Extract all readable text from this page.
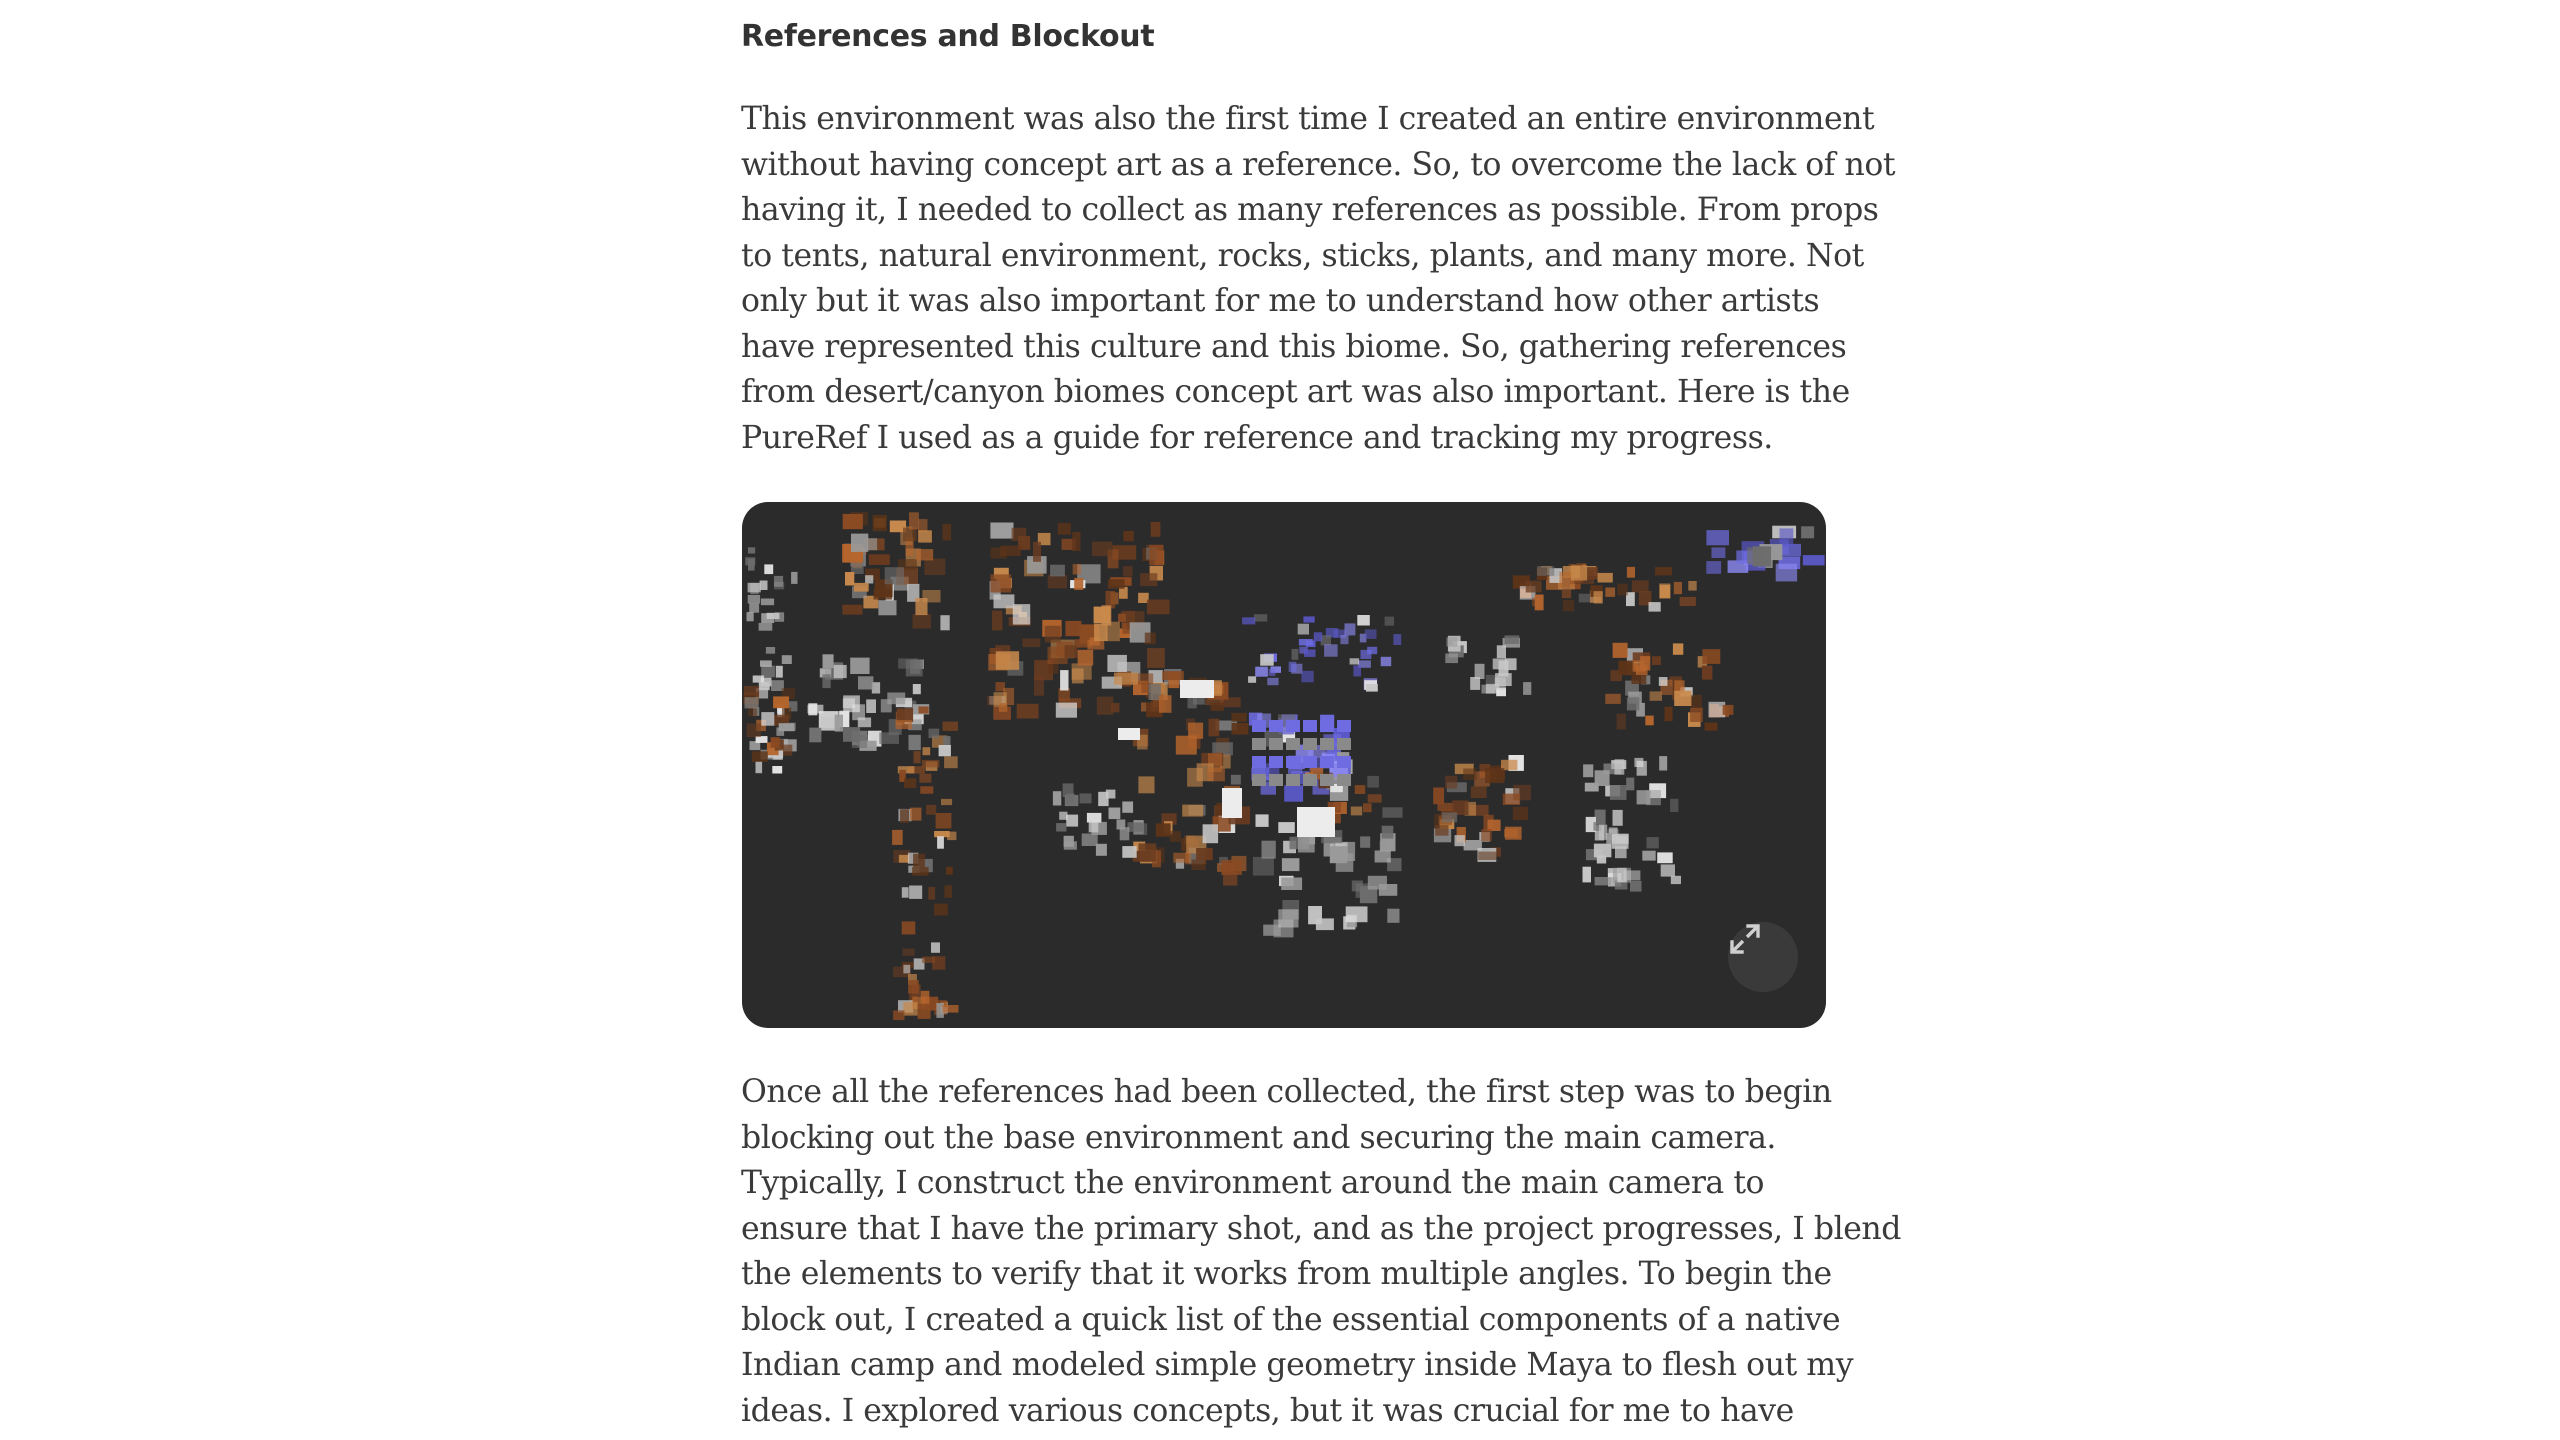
References and Blockout

This environment was also the first time I created an entire environment
without having concept art as a reference. So, to overcome the lack of not
having it, I needed to collect as many references as possible. From props
to tents, natural environment, rocks, sticks, plants, and many more. Not
only but it was also important for me to understand how other artists
have represented this culture and this biome. So, gathering references
from desert/canyon biomes concept art was also important. Here is the
PureRef I used as a guide for reference and tracking my progress.

Once all the references had been collected, the first step was to begin
blocking out the base environment and securing the main camera.
Typically, I construct the environment around the main camera to
ensure that I have the primary shot, and as the project progresses, I blend
the elements to verify that it works from multiple angles. To begin the
block out, I created a quick list of the essential components of a native
Indian camp and modeled simple geometry inside Maya to flesh out my
ideas. I explored various concepts, but it was crucial for me to have
